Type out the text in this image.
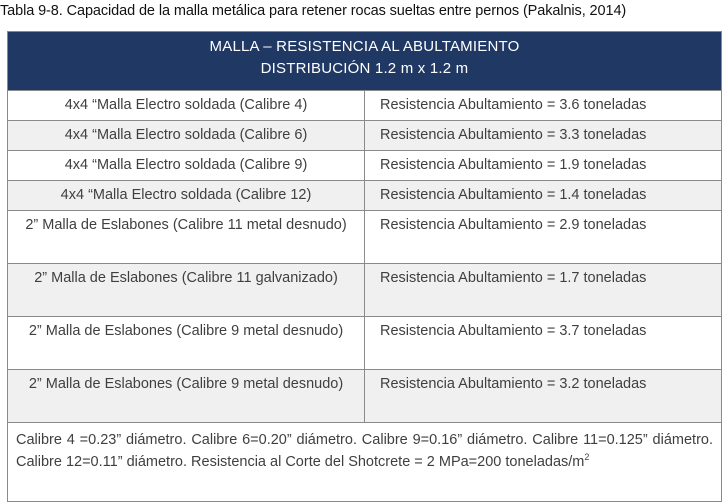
Tabla 9-8. Capacidad de la malla metálica para retener rocas sueltas entre pernos (Pakalnis, 2014)
MALLA – RESISTENCIA AL ABULTAMIENTO
DISTRIBUCIÓN 1.2 m x 1.2 m	

4x4 “Malla Electro soldada (Calibre 4)	Resistencia Abultamiento = 3.6 toneladas
4x4 “Malla Electro soldada (Calibre 6)	Resistencia Abultamiento = 3.3 toneladas
4x4 “Malla Electro soldada (Calibre 9)	Resistencia Abultamiento = 1.9 toneladas
4x4 “Malla Electro soldada (Calibre 12)	Resistencia Abultamiento = 1.4 toneladas
2” Malla de Eslabones (Calibre 11 metal desnudo)	Resistencia Abultamiento = 2.9 toneladas
2” Malla de Eslabones (Calibre 11 galvanizado)	Resistencia Abultamiento = 1.7 toneladas
2” Malla de Eslabones (Calibre 9 metal desnudo)	Resistencia Abultamiento = 3.7 toneladas
2” Malla de Eslabones (Calibre 9 metal desnudo)	Resistencia Abultamiento = 3.2 toneladas
Calibre 4 =0.23” diámetro. Calibre 6=0.20” diámetro. Calibre 9=0.16” diámetro. Calibre 11=0.125” diámetro. Calibre 12=0.11” diámetro. Resistencia al Corte del Shotcrete = 2 MPa=200 toneladas/$m^2$
